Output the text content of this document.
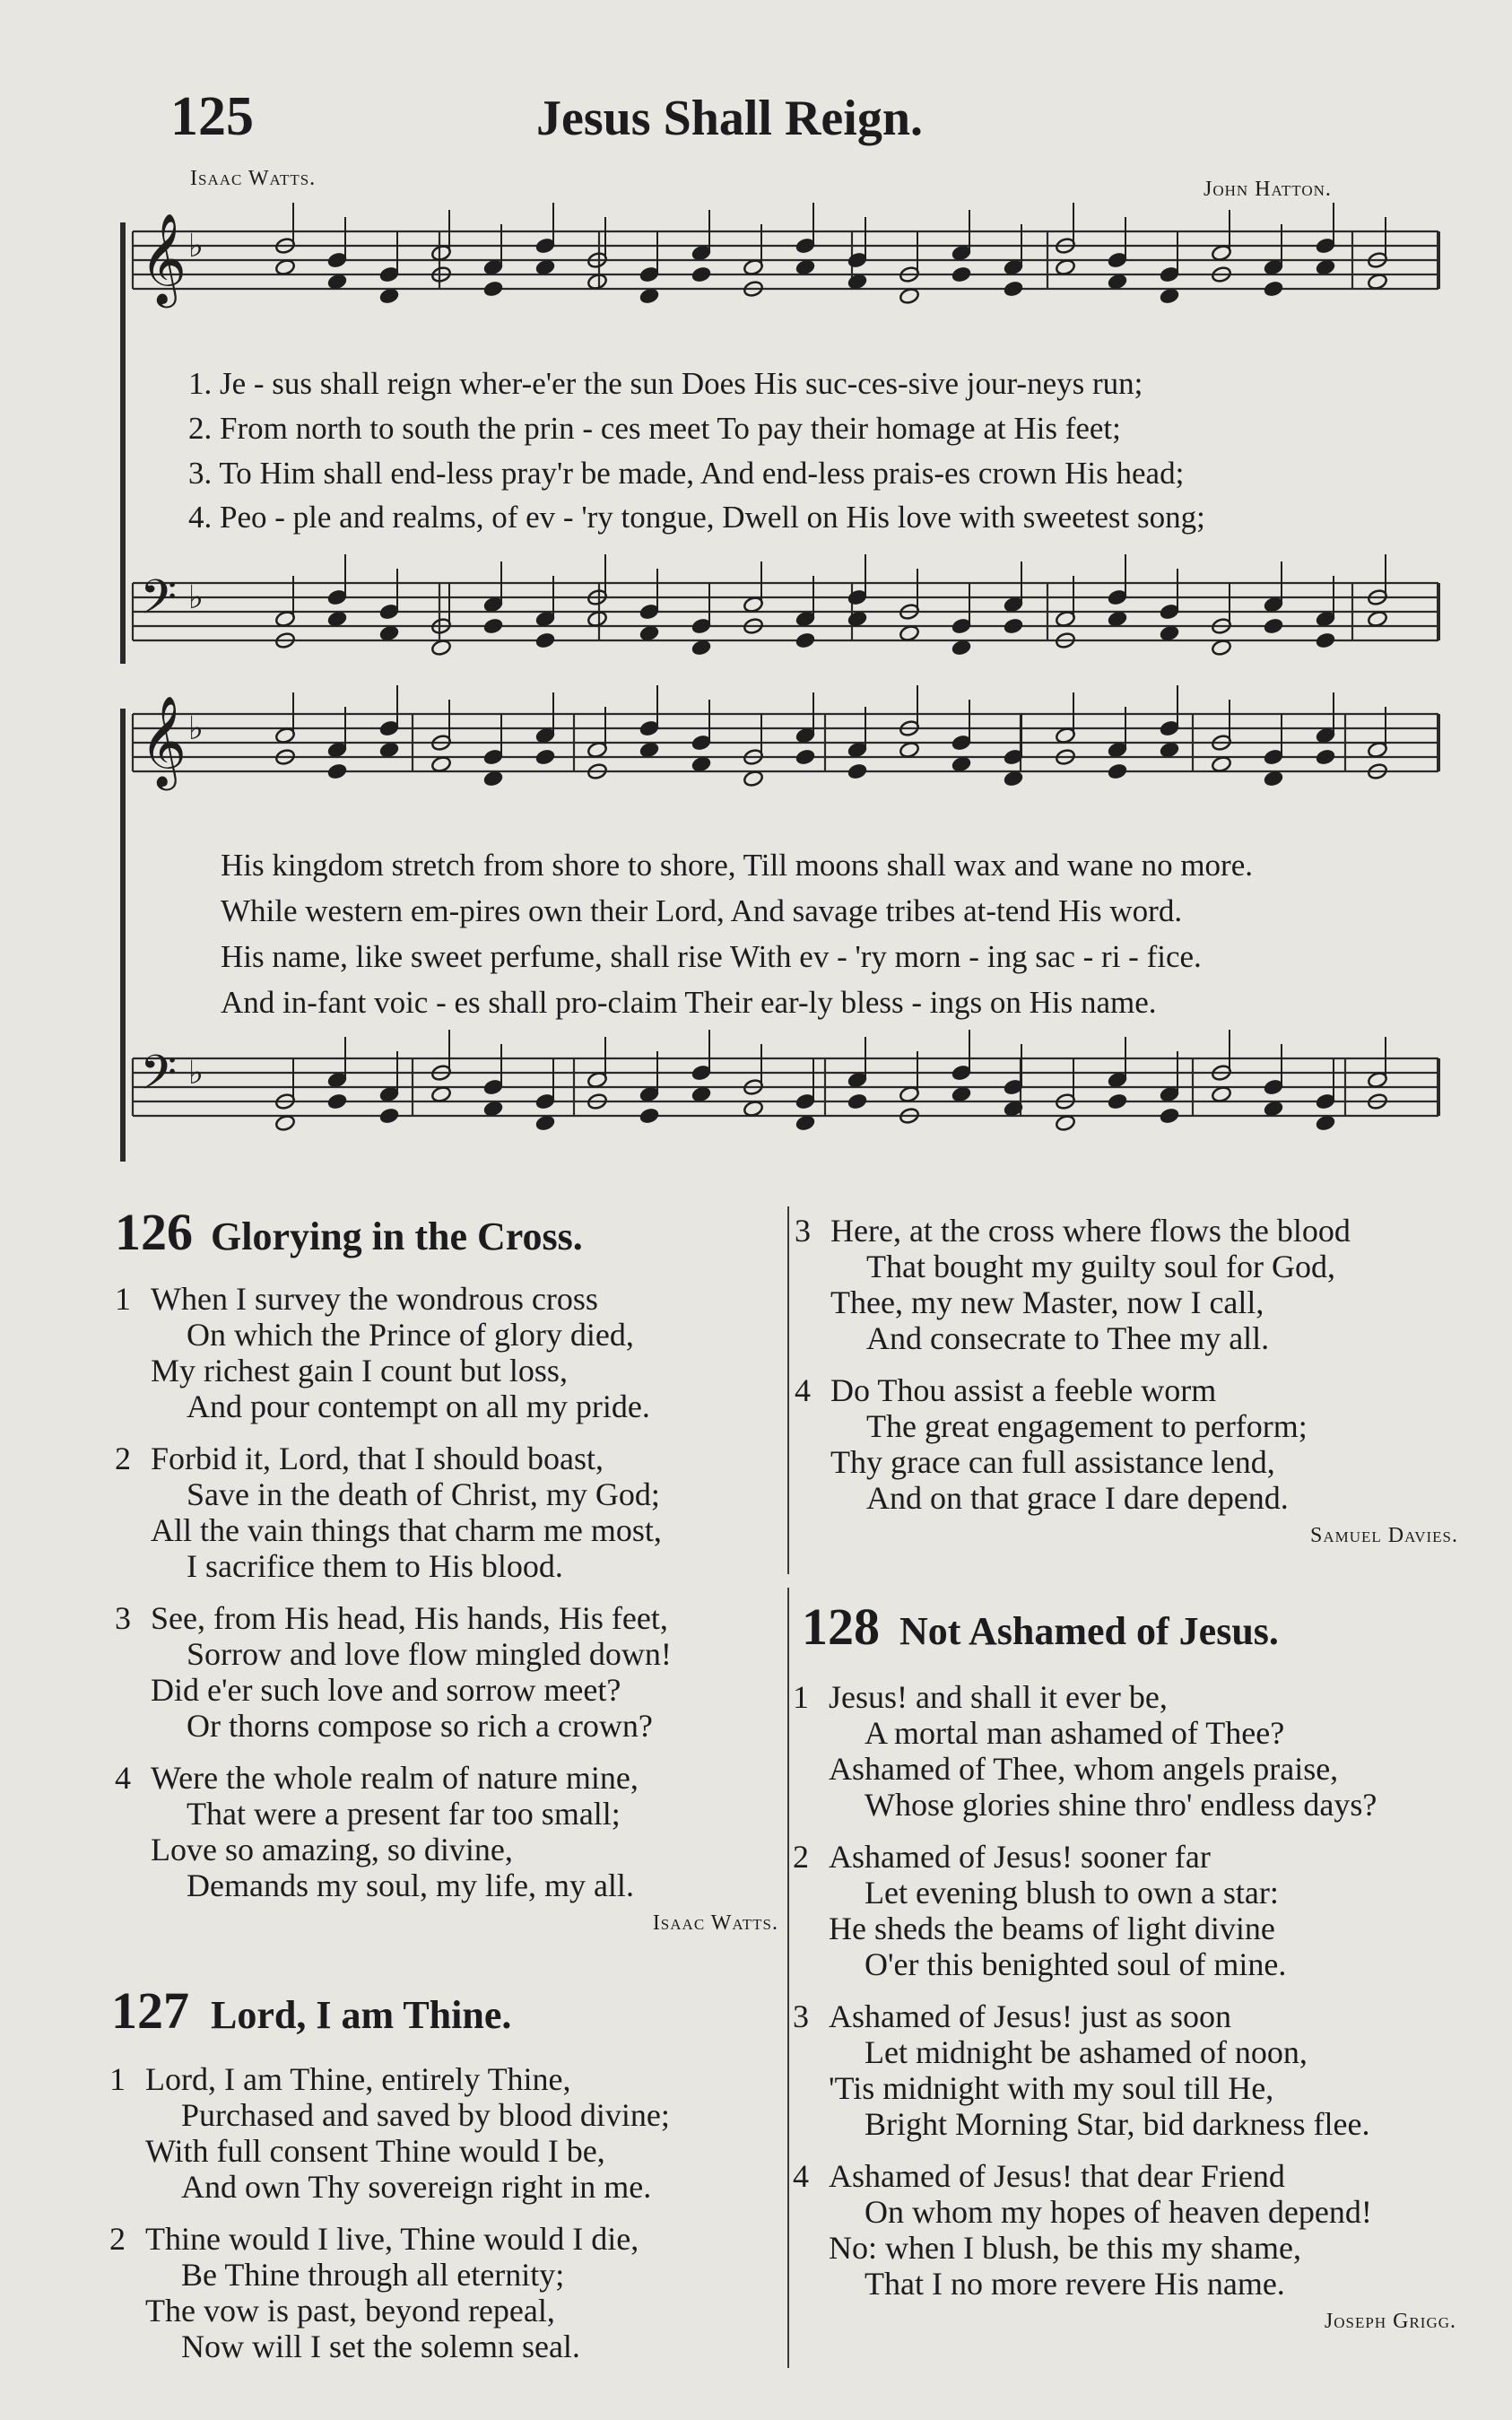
125	Jesus Shall Reign.
Isaac Watts.	John Hatton.
𝄞 ♭
𝄢 ♭
𝄞 ♭
𝄢 ♭
1. Je - sus shall reign wher-e'er the sun Does His suc-ces-sive jour-neys run;
2. From north to south the prin - ces meet To pay their homage at His feet;
3. To Him shall end-less pray'r be made, And end-less prais-es crown His head;
4. Peo - ple and realms, of ev - 'ry tongue, Dwell on His love with sweetest song;
His kingdom stretch from shore to shore, Till moons shall wax and wane no more.
While western em-pires own their Lord, And savage tribes at-tend His word.
His name, like sweet perfume, shall rise With ev - 'ry morn - ing sac - ri - fice.
And in-fant voic - es shall pro-claim Their ear-ly bless - ings on His name.
126 Glorying in the Cross.
1 When I survey the wondrous cross
On which the Prince of glory died,
My richest gain I count but loss,
And pour contempt on all my pride.
2 Forbid it, Lord, that I should boast,
Save in the death of Christ, my God;
All the vain things that charm me most,
I sacrifice them to His blood.
3 See, from His head, His hands, His feet,
Sorrow and love flow mingled down!
Did e'er such love and sorrow meet?
Or thorns compose so rich a crown?
4 Were the whole realm of nature mine,
That were a present far too small;
Love so amazing, so divine,
Demands my soul, my life, my all.
Isaac Watts.
127 Lord, I am Thine.
1 Lord, I am Thine, entirely Thine,
Purchased and saved by blood divine;
With full consent Thine would I be,
And own Thy sovereign right in me.
2 Thine would I live, Thine would I die,
Be Thine through all eternity;
The vow is past, beyond repeal,
Now will I set the solemn seal.
3 Here, at the cross where flows the blood
That bought my guilty soul for God,
Thee, my new Master, now I call,
And consecrate to Thee my all.
4 Do Thou assist a feeble worm
The great engagement to perform;
Thy grace can full assistance lend,
And on that grace I dare depend.
Samuel Davies.
128 Not Ashamed of Jesus.
1 Jesus! and shall it ever be,
A mortal man ashamed of Thee?
Ashamed of Thee, whom angels praise,
Whose glories shine thro' endless days?
2 Ashamed of Jesus! sooner far
Let evening blush to own a star:
He sheds the beams of light divine
O'er this benighted soul of mine.
3 Ashamed of Jesus! just as soon
Let midnight be ashamed of noon,
'Tis midnight with my soul till He,
Bright Morning Star, bid darkness flee.
4 Ashamed of Jesus! that dear Friend
On whom my hopes of heaven depend!
No: when I blush, be this my shame,
That I no more revere His name.
Joseph Grigg.
